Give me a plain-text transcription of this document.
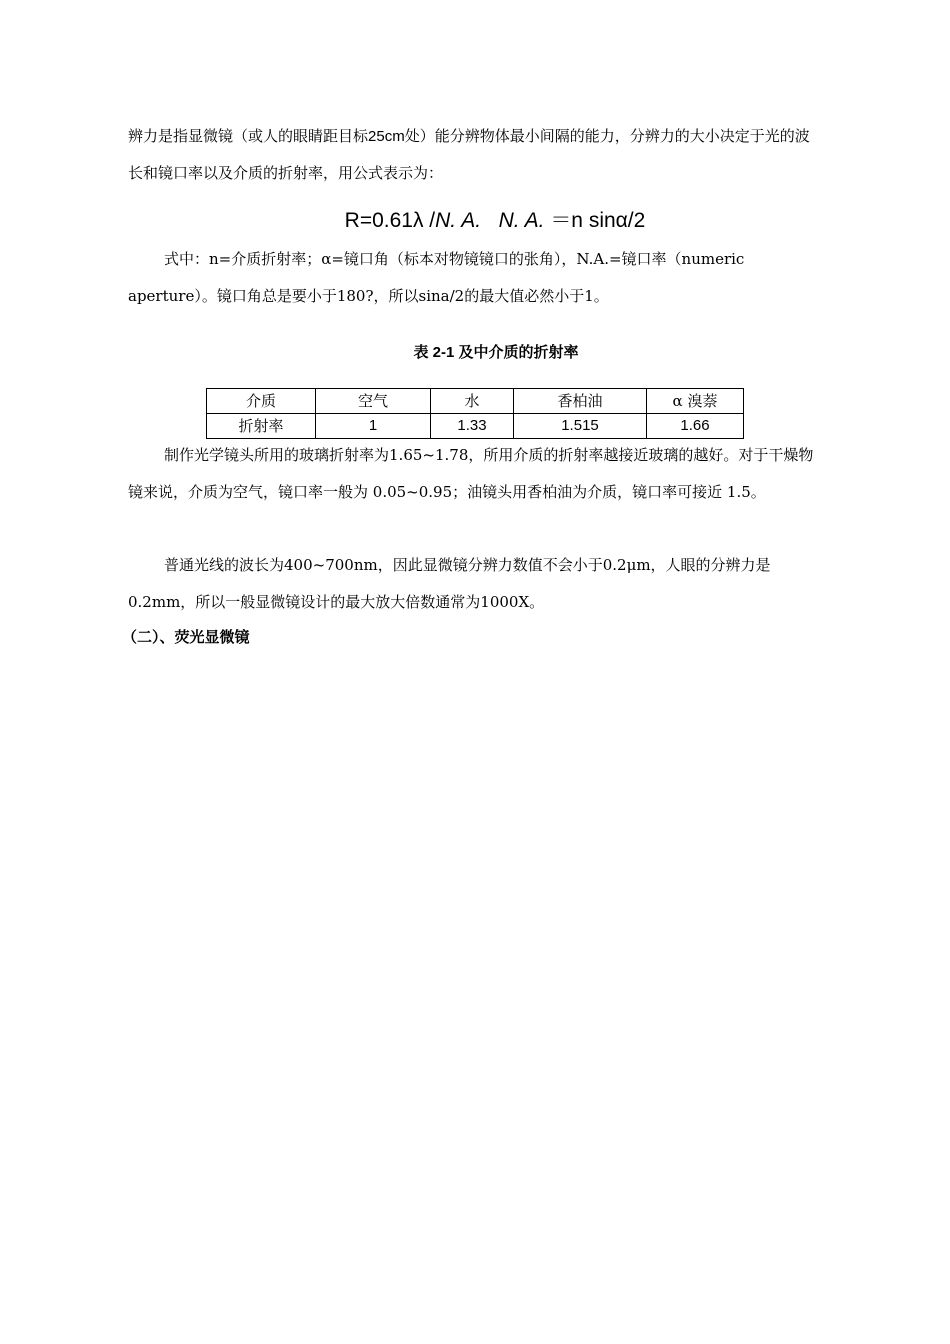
辨力是指显微镜（或人的眼睛距目标25cm处）能分辨物体最小间隔的能力，分辨力的大小决定于光的波长和镜口率以及介质的折射率，用公式表示为：

R=0.61λ /N. A. N. A. ＝n sinα/2

式中：n=介质折射率；α=镜口角（标本对物镜镜口的张角），N.A.=镜口率（numeric aperture）。镜口角总是要小于180?，所以sina/2的最大值必然小于1。

表 2-1 及中介质的折射率
介质	空气	水	香柏油	α 溴萘
折射率	1	1.33	1.515	1.66

制作光学镜头所用的玻璃折射率为1.65~1.78，所用介质的折射率越接近玻璃的越好。对于干燥物镜来说，介质为空气，镜口率一般为 0.05~0.95；油镜头用香柏油为介质，镜口率可接近 1.5。

普通光线的波长为400~700nm，因此显微镜分辨力数值不会小于0.2μm，人眼的分辨力是 0.2mm，所以一般显微镜设计的最大放大倍数通常为1000X。

（二）、荧光显微镜
